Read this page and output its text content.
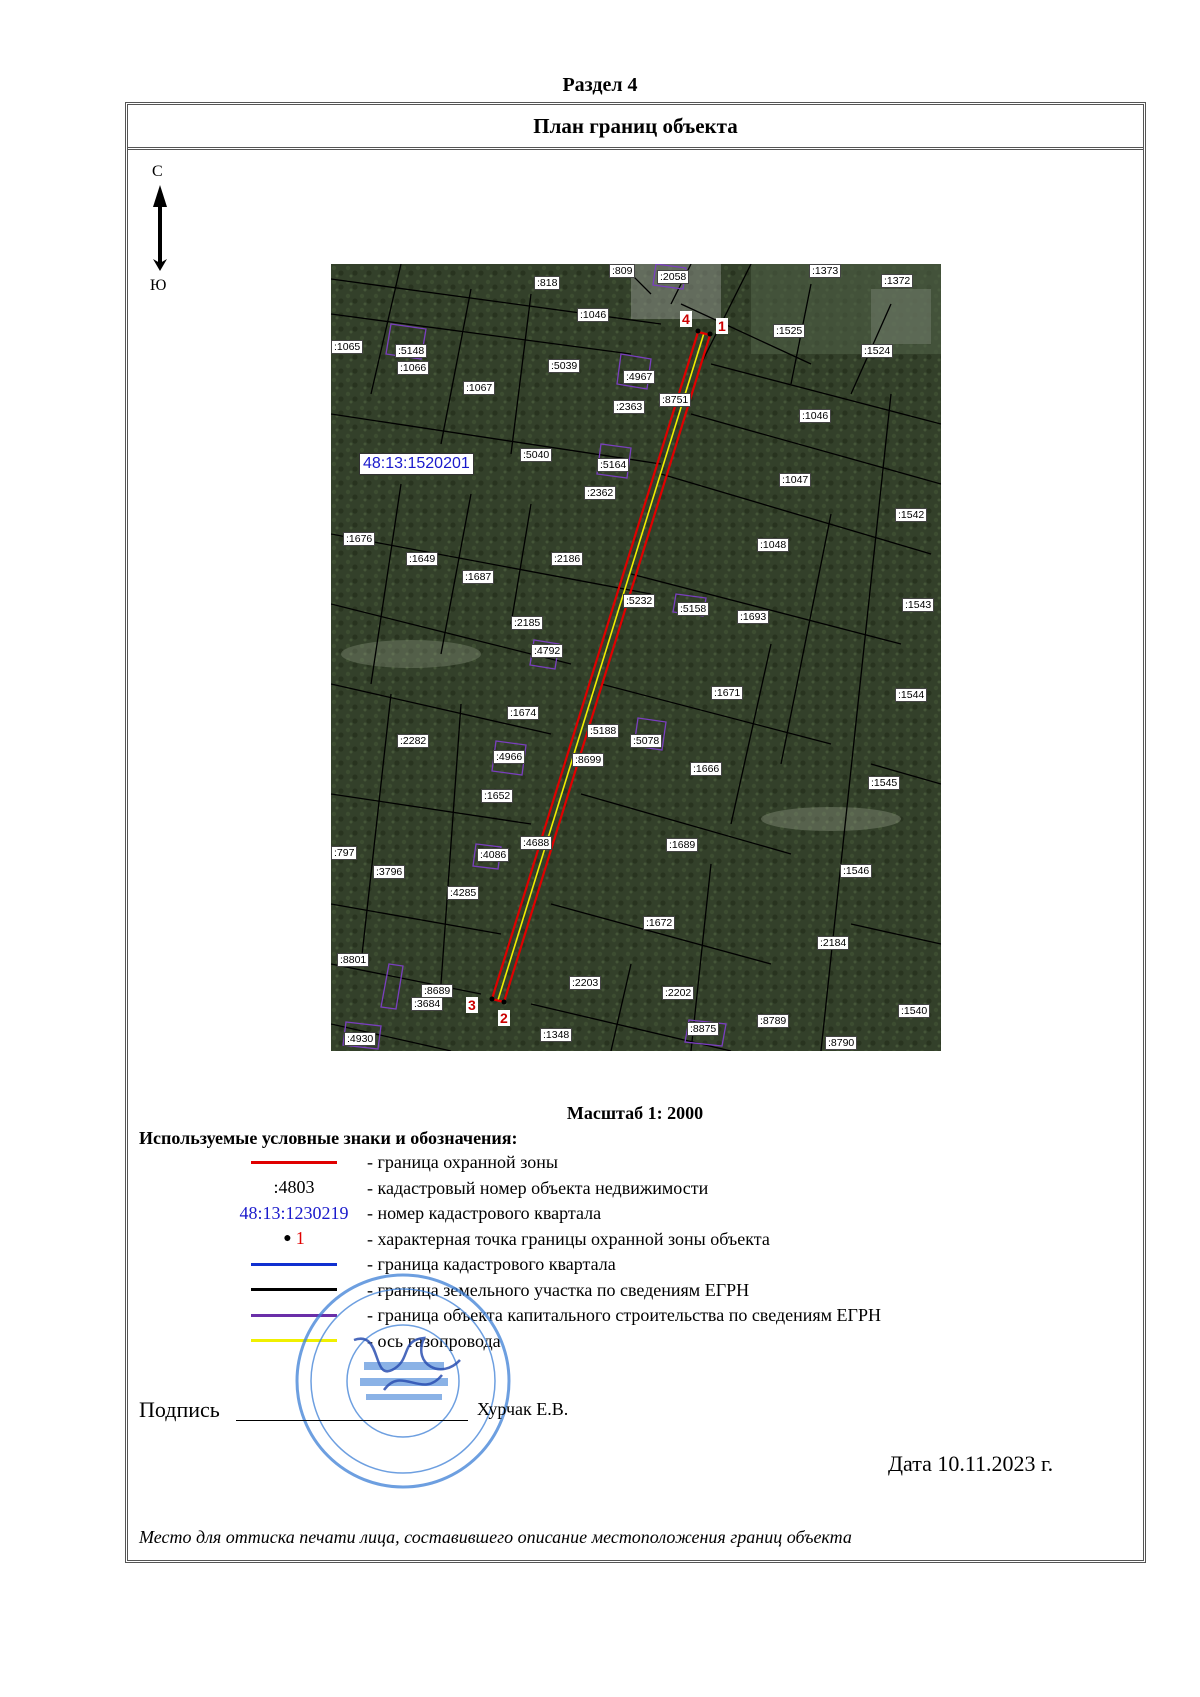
Раздел 4
План границ объекта
С
Ю
4 1
3
2
48:13:1520201
:818
:809	:2058	:1373
:1372
:1046
:1525
:1524
:1065	:5148
:1066
:1067
:5039
:4967
:2363
:8751
:1046
:5040
:5164
:2362
:1047
:1542
:1676
:1649
:1687
:2186
:1048
:5232
:5158
:1693
:1543
:2185
:4792
:1671	:1544
:1674
:2282
:4966
:5188
:8699
:5078
:1666
:1545
:1652
:4086
:4688	:1689
:797
:3796
:4285
:1546
:1672
:2184
:8801
:8689
:3684
:2203
:2202
:1540
:4930	:1348	:8875
:8789
:8790
Масштаб 1: 2000
Используемые условные знаки и обозначения:
- граница охранной зоны
:4803	- кадастровый номер объекта недвижимости
48:13:1230219 - номер кадастрового квартала
● 1	- характерная точка границы охранной зоны объекта
- граница кадастрового квартала
- граница земельного участка по сведениям ЕГРН
- граница объекта капитального строительства по сведениям ЕГРН
- ось газопровода
Подпись	Хурчак Е.В.
Дата 10.11.2023 г.
Место для оттиска печати лица, составившего описание местоположения границ объекта
